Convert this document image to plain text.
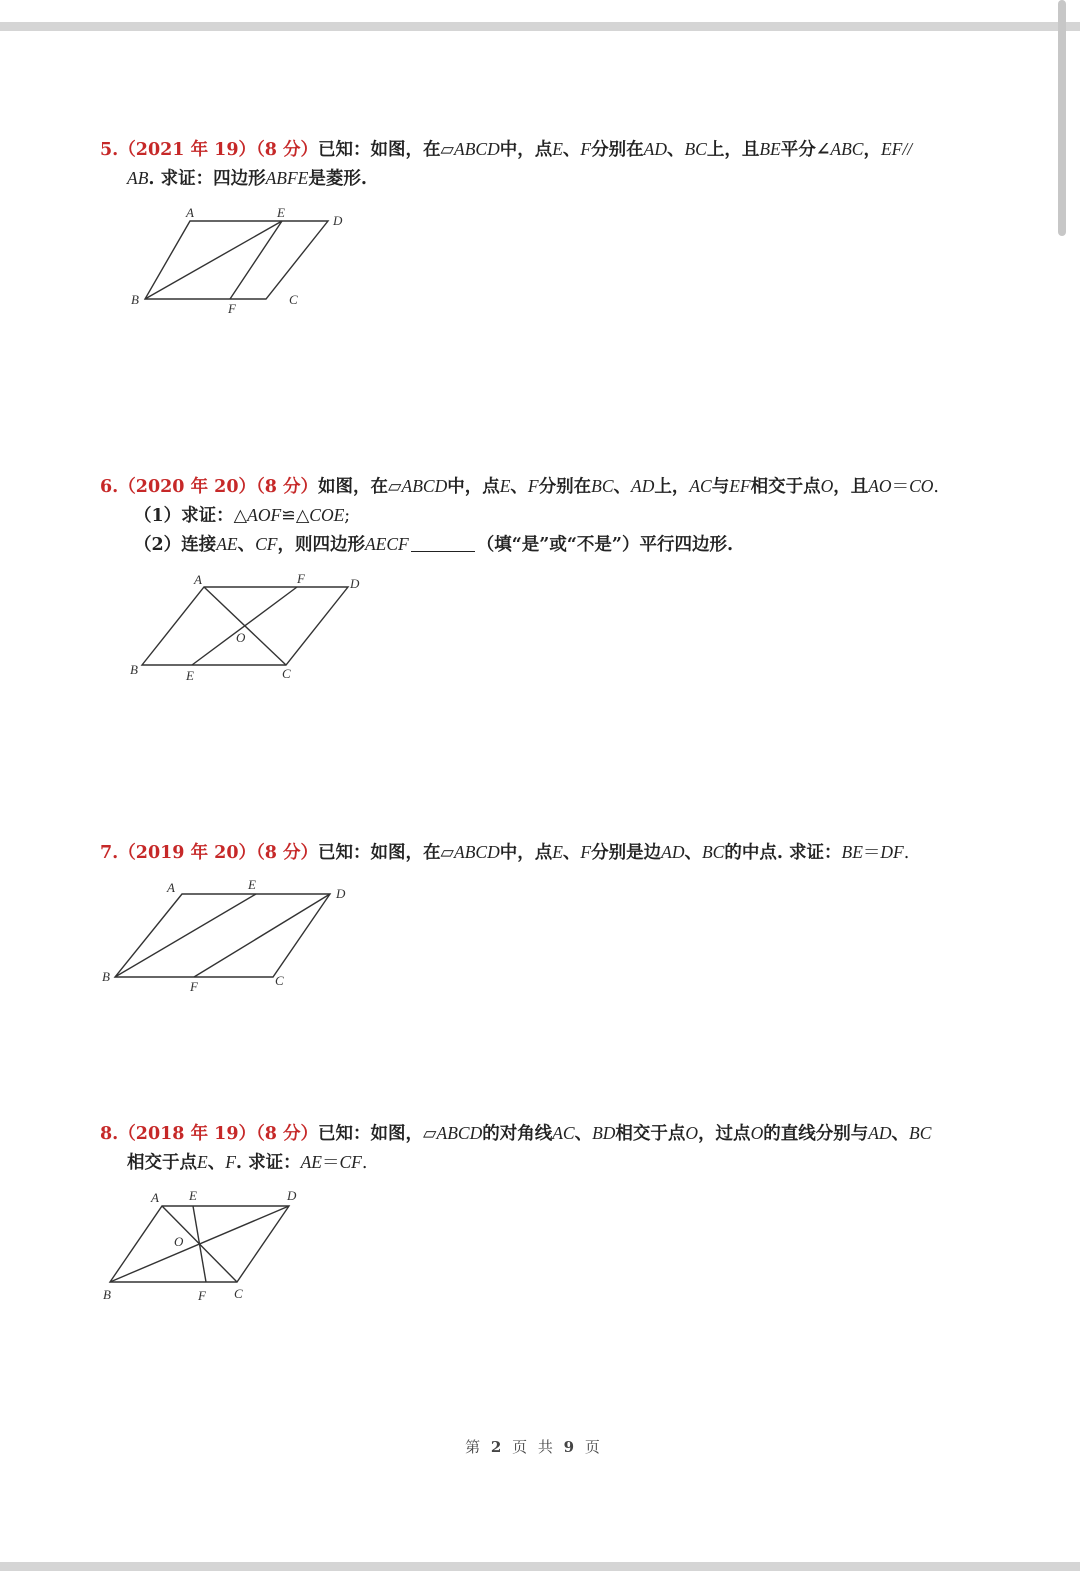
5.（2021 年 19）（8 分）已知：如图，在▱ABCD中，点E、F分别在AD、BC上，且BE平分∠ABC，EF//
AB. 求证：四边形ABFE是菱形.
A	E
D
B
F
C
6.（2020 年 20）（8 分）如图，在▱ABCD中，点E、F分别在BC、AD上，AC与EF相交于点O，且AO＝CO.
（1）求证：△AOF≌△COE;
（2）连接AE、CF，则四边形AECF	（填“是”或“不是”）平行四边形.
A	F	D
O
B	E	C
7.（2019 年 20）（8 分）已知：如图，在▱ABCD中，点E、F分别是边AD、BC的中点. 求证：BE＝DF.
A	E
D
B
F	C
8.（2018 年 19）（8 分）已知：如图，▱ABCD的对角线AC、BD相交于点O，过点O的直线分别与AD、BC
相交于点E、F. 求证：AE＝CF.
A E	D
O
B	F C
第 2 页 共 9 页
